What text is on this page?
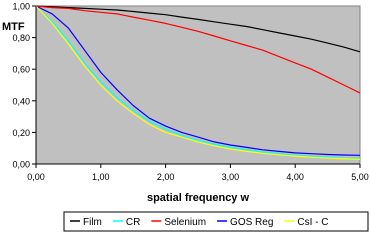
0,00
0,20
0,40
0,60
0,80
1,00
0,00	1,00	2,00	3,00	4,00	5,00
MTF
spatial frequency w
Film CR Selenium GOS Reg CsI - C
